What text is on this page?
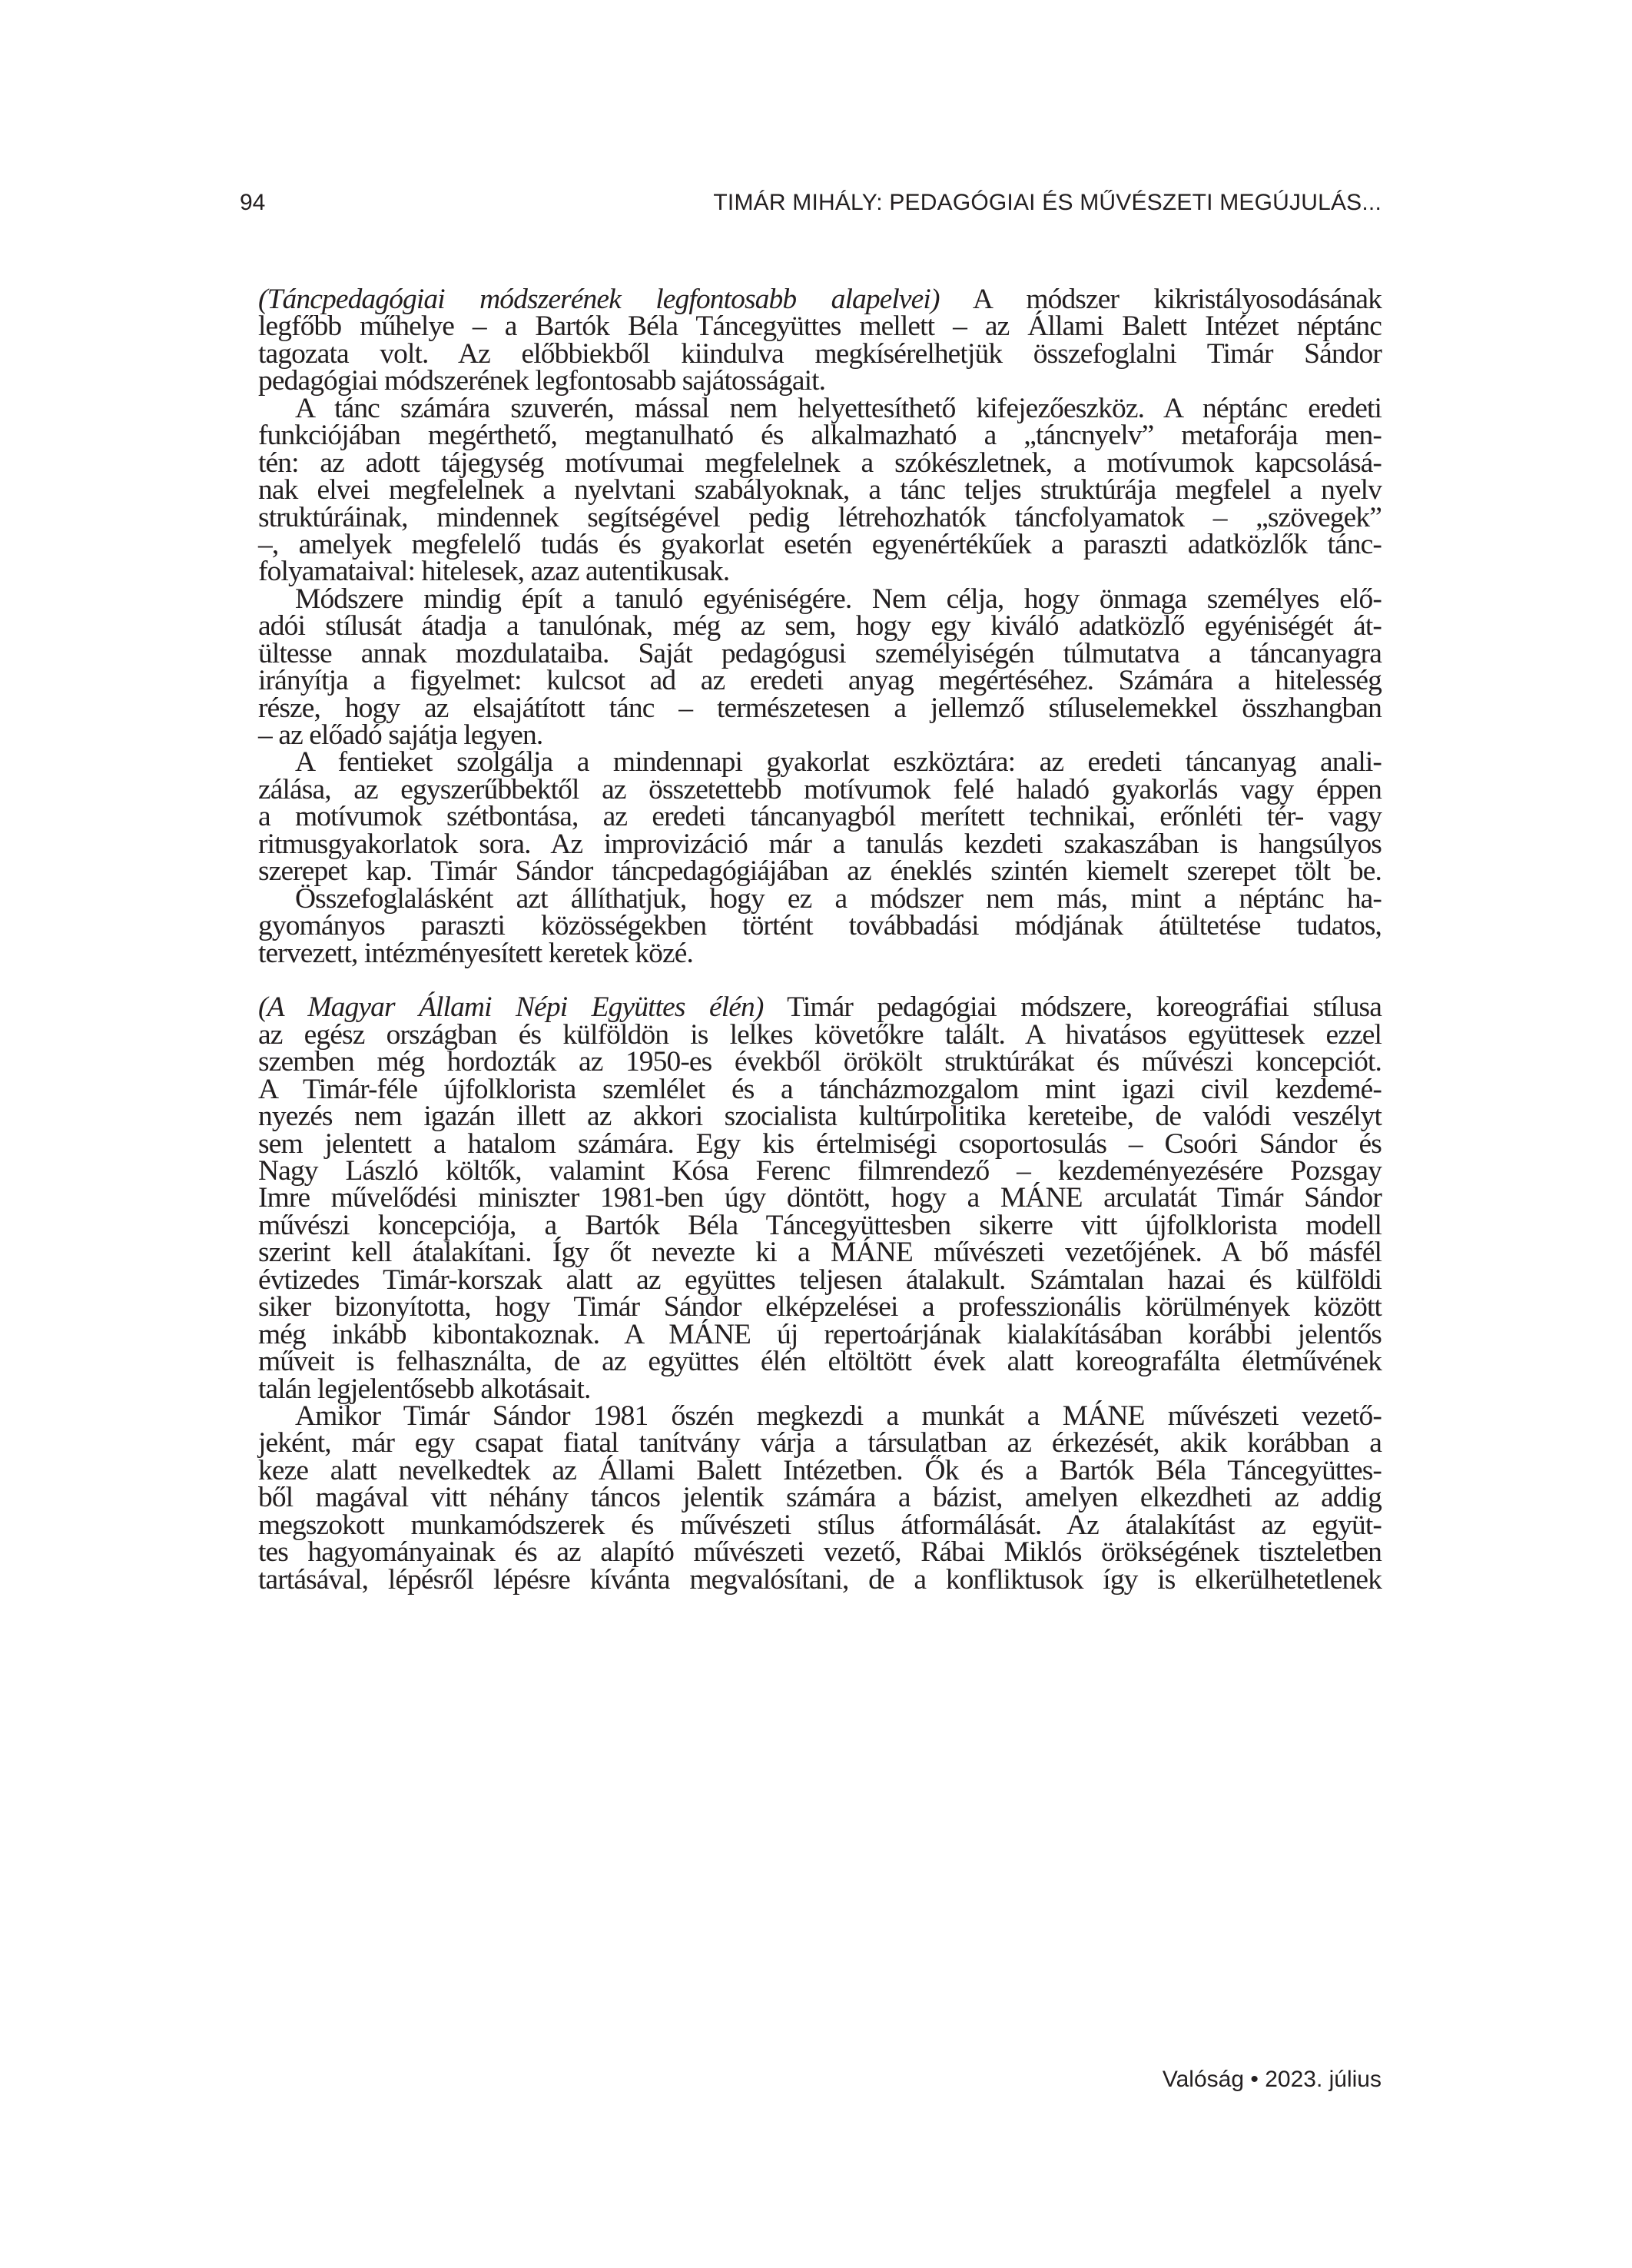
94	TIMÁR MIHÁLY: PEDAGÓGIAI ÉS MŰVÉSZETI MEGÚJULÁS...
(Táncpedagógiai módszerének legfontosabb alapelvei) A módszer kikristályosodásának
legfőbb műhelye – a Bartók Béla Táncegyüttes mellett – az Állami Balett Intézet néptánc
tagozata volt. Az előbbiekből kiindulva megkísérelhetjük összefoglalni Timár Sándor
pedagógiai módszerének legfontosabb sajátosságait.
A tánc számára szuverén, mással nem helyettesíthető kifejezőeszköz. A néptánc eredeti
funkciójában megérthető, megtanulható és alkalmazható a „táncnyelv” metaforája men-
tén: az adott tájegység motívumai megfelelnek a szókészletnek, a motívumok kapcsolásá-
nak elvei megfelelnek a nyelvtani szabályoknak, a tánc teljes struktúrája megfelel a nyelv
struktúráinak, mindennek segítségével pedig létrehozhatók táncfolyamatok – „szövegek”
–, amelyek megfelelő tudás és gyakorlat esetén egyenértékűek a paraszti adatközlők tánc-
folyamataival: hitelesek, azaz autentikusak.
Módszere mindig épít a tanuló egyéniségére. Nem célja, hogy önmaga személyes elő-
adói stílusát átadja a tanulónak, még az sem, hogy egy kiváló adatközlő egyéniségét át-
ültesse annak mozdulataiba. Saját pedagógusi személyiségén túlmutatva a táncanyagra
irányítja a figyelmet: kulcsot ad az eredeti anyag megértéséhez. Számára a hitelesség
része, hogy az elsajátított tánc – természetesen a jellemző stíluselemekkel összhangban
– az előadó sajátja legyen.
A fentieket szolgálja a mindennapi gyakorlat eszköztára: az eredeti táncanyag anali-
zálása, az egyszerűbbektől az összetettebb motívumok felé haladó gyakorlás vagy éppen
a motívumok szétbontása, az eredeti táncanyagból merített technikai, erőnléti tér- vagy
ritmusgyakorlatok sora. Az improvizáció már a tanulás kezdeti szakaszában is hangsúlyos
szerepet kap. Timár Sándor táncpedagógiájában az éneklés szintén kiemelt szerepet tölt be.
Összefoglalásként azt állíthatjuk, hogy ez a módszer nem más, mint a néptánc ha-
gyományos paraszti közösségekben történt továbbadási módjának átültetése tudatos,
tervezett, intézményesített keretek közé.
(A Magyar Állami Népi Együttes élén) Timár pedagógiai módszere, koreográfiai stílusa
az egész országban és külföldön is lelkes követőkre talált. A hivatásos együttesek ezzel
szemben még hordozták az 1950-es évekből örökölt struktúrákat és művészi koncepciót.
A Timár-féle újfolklorista szemlélet és a táncházmozgalom mint igazi civil kezdemé-
nyezés nem igazán illett az akkori szocialista kultúrpolitika kereteibe, de valódi veszélyt
sem jelentett a hatalom számára. Egy kis értelmiségi csoportosulás – Csoóri Sándor és
Nagy László költők, valamint Kósa Ferenc filmrendező – kezdeményezésére Pozsgay
Imre művelődési miniszter 1981-ben úgy döntött, hogy a MÁNE arculatát Timár Sándor
művészi koncepciója, a Bartók Béla Táncegyüttesben sikerre vitt újfolklorista modell
szerint kell átalakítani. Így őt nevezte ki a MÁNE művészeti vezetőjének. A bő másfél
évtizedes Timár-korszak alatt az együttes teljesen átalakult. Számtalan hazai és külföldi
siker bizonyította, hogy Timár Sándor elképzelései a professzionális körülmények között
még inkább kibontakoznak. A MÁNE új repertoárjának kialakításában korábbi jelentős
műveit is felhasználta, de az együttes élén eltöltött évek alatt koreografálta életművének
talán legjelentősebb alkotásait.
Amikor Timár Sándor 1981 őszén megkezdi a munkát a MÁNE művészeti vezető-
jeként, már egy csapat fiatal tanítvány várja a társulatban az érkezését, akik korábban a
keze alatt nevelkedtek az Állami Balett Intézetben. Ők és a Bartók Béla Táncegyüttes-
ből magával vitt néhány táncos jelentik számára a bázist, amelyen elkezdheti az addig
megszokott munkamódszerek és művészeti stílus átformálását. Az átalakítást az együt-
tes hagyományainak és az alapító művészeti vezető, Rábai Miklós örökségének tiszteletben
tartásával, lépésről lépésre kívánta megvalósítani, de a konfliktusok így is elkerülhetetlenek
Valóság • 2023. július
